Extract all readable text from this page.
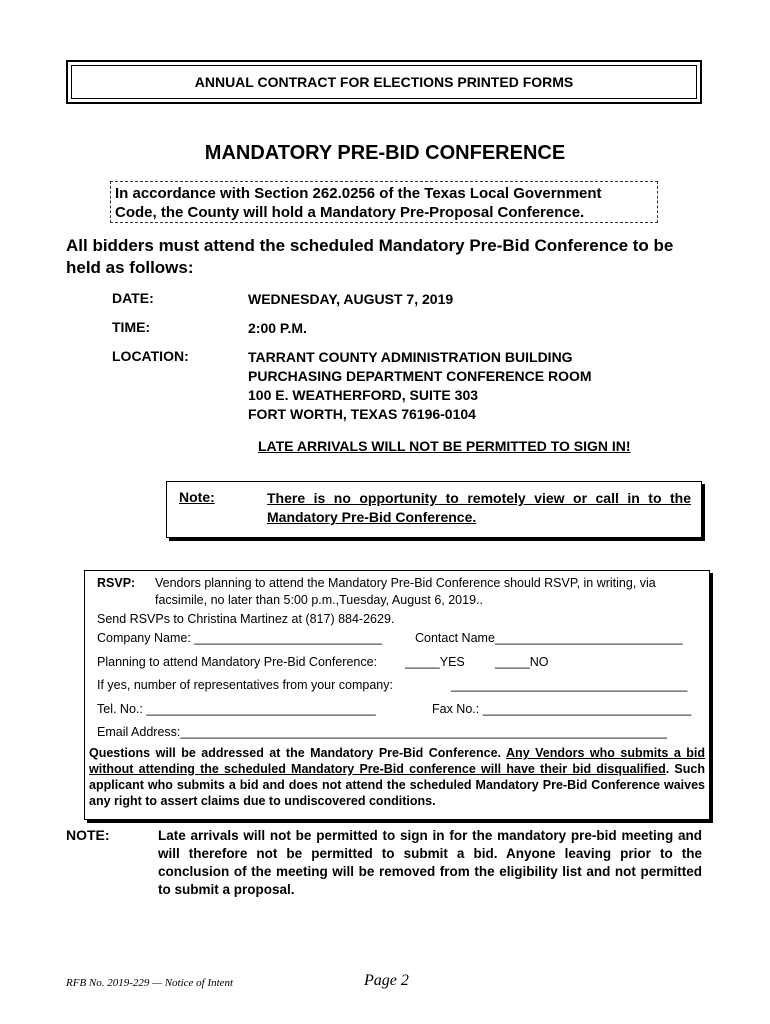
ANNUAL CONTRACT FOR ELECTIONS PRINTED FORMS
MANDATORY PRE-BID CONFERENCE
In accordance with Section 262.0256 of the Texas Local Government
Code, the County will hold a Mandatory Pre-Proposal Conference.
All bidders must attend the scheduled Mandatory Pre-Bid Conference to be
held as follows:
DATE:	WEDNESDAY, AUGUST 7, 2019
TIME:	2:00 P.M.
LOCATION:	TARRANT COUNTY ADMINISTRATION BUILDING
PURCHASING DEPARTMENT CONFERENCE ROOM
100 E. WEATHERFORD, SUITE 303
FORT WORTH, TEXAS 76196-0104
LATE ARRIVALS WILL NOT BE PERMITTED TO SIGN IN!
Note:	There is no opportunity to remotely view or call in to the Mandatory Pre-Bid Conference.
RSVP: Vendors planning to attend the Mandatory Pre-Bid Conference should RSVP, in writing, via
facsimile, no later than 5:00 p.m.,Tuesday, August 6, 2019..
Send RSVPs to Christina Martinez at (817) 884-2629.
Company Name: ___________________________	Contact Name___________________________
Planning to attend Mandatory Pre-Bid Conference: _____YES _____NO
If yes, number of representatives from your company:	__________________________________
Tel. No.: _________________________________	Fax No.: ______________________________
Email Address:______________________________________________________________________
Questions will be addressed at the Mandatory Pre-Bid Conference. Any Vendors who submits a bid without attending the scheduled Mandatory Pre-Bid conference will have their bid disqualified. Such applicant who submits a bid and does not attend the scheduled Mandatory Pre-Bid Conference waives any right to assert claims due to undiscovered conditions.
NOTE:	Late arrivals will not be permitted to sign in for the mandatory pre-bid meeting and will therefore not be permitted to submit a bid. Anyone leaving prior to the conclusion of the meeting will be removed from the eligibility list and not permitted to submit a proposal.
RFB No. 2019-229 — Notice of Intent	Page 2
